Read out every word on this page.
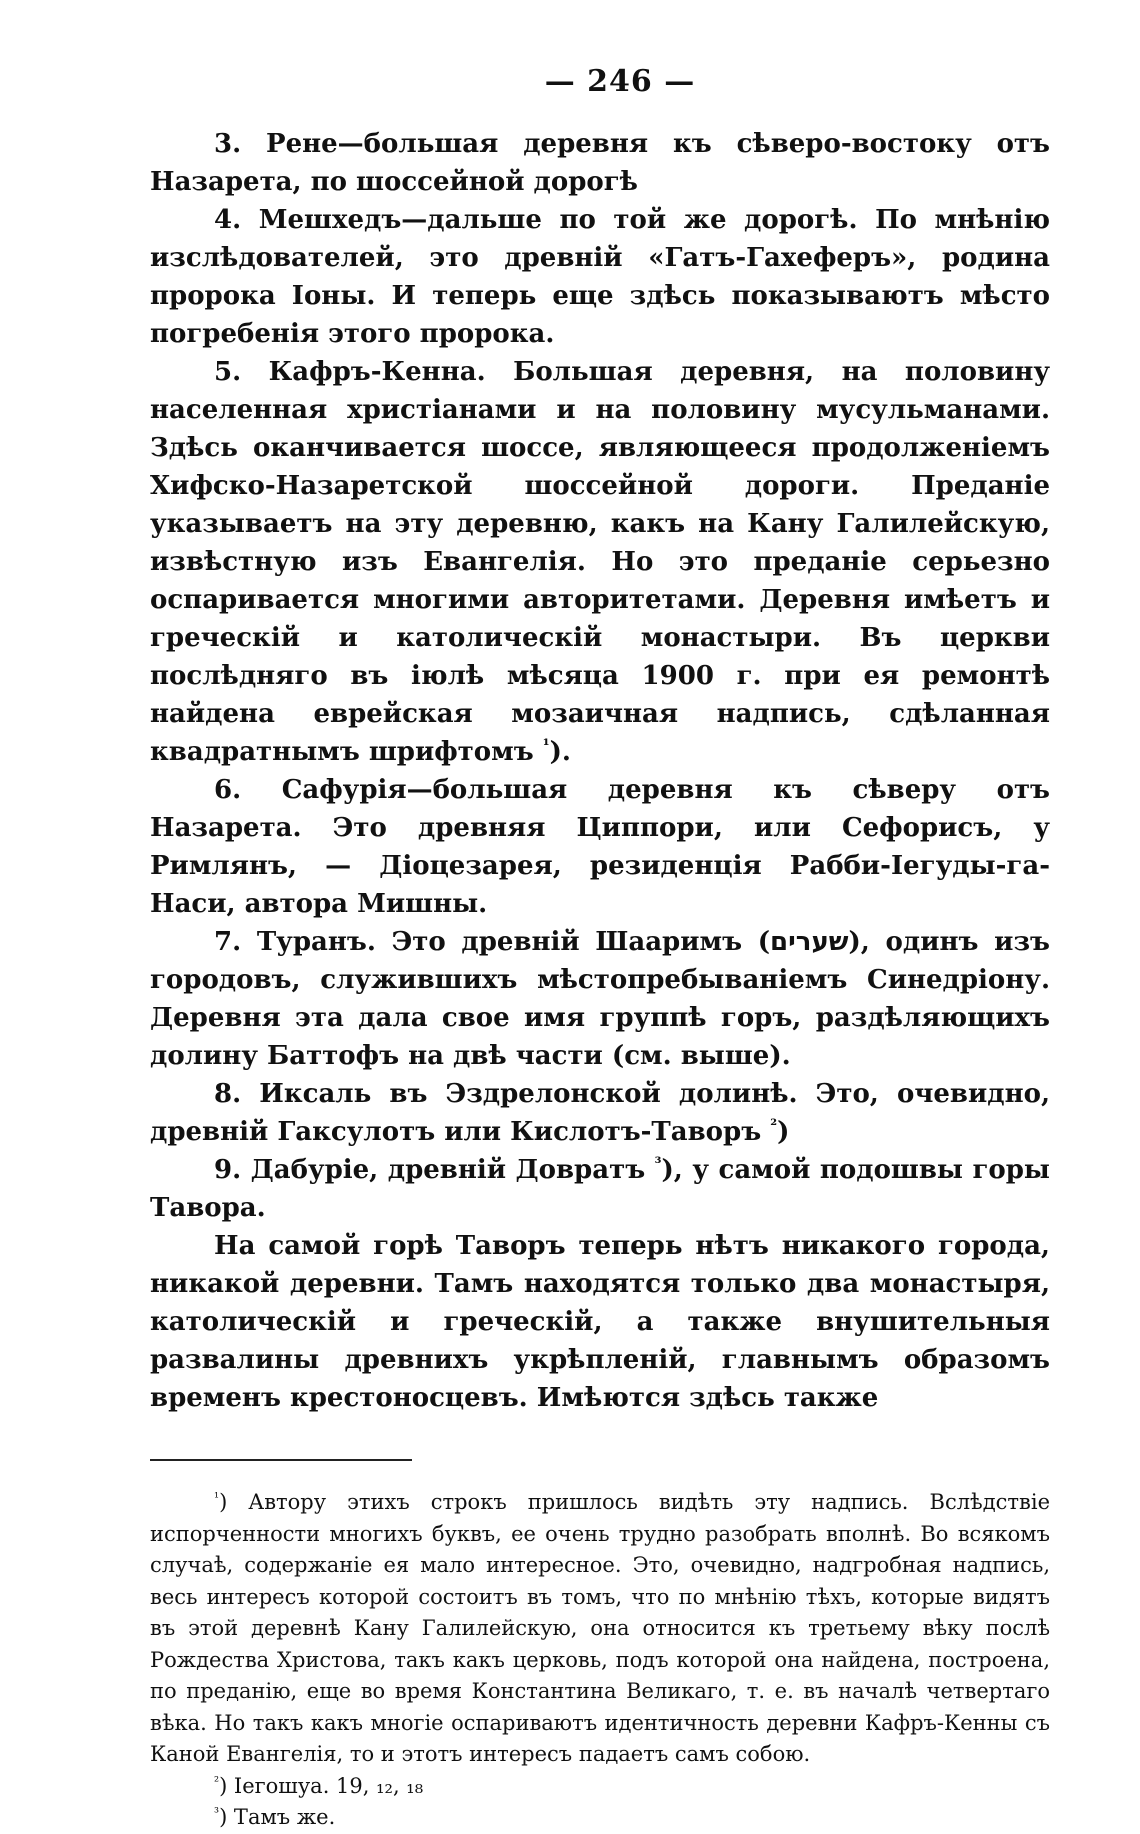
— 246 —

3. Рене—большая деревня къ сѣверо-востоку отъ Назарета, по шоссейной дорогѣ

4. Мешхедъ—дальше по той же дорогѣ. По мнѣнію изслѣдователей, это древній «Гатъ-Гахеферъ», родина пророка Іоны. И теперь еще здѣсь показываютъ мѣсто погребенія этого пророка.

5. Кафръ-Кенна. Большая деревня, на половину населенная христіанами и на половину мусульманами. Здѣсь оканчивается шоссе, являющееся продолженіемъ Хифско-Назаретской шоссейной дороги. Преданіе указываетъ на эту деревню, какъ на Кану Галилейскую, извѣстную изъ Евангелія. Но это преданіе серьезно оспаривается многими авторитетами. Деревня имѣетъ и греческій и католическій монастыри. Въ церкви послѣдняго въ іюлѣ мѣсяца 1900 г. при ея ремонтѣ найдена еврейская мозаичная надпись, сдѣланная квадратнымъ шрифтомъ $^{^1}$).

6. Сафурія—большая деревня къ сѣверу отъ Назарета. Это древняя Циппори, или Сефорисъ, у Римлянъ, — Діоцезарея, резиденція Рабби-Іегуды-га-Наси, автора Мишны.

7. Туранъ. Это древній Шааримъ (שערים), одинъ изъ городовъ, служившихъ мѣстопребываніемъ Синедріону. Деревня эта дала свое имя группѣ горъ, раздѣляющихъ долину Баттофъ на двѣ части (см. выше).

8. Иксаль въ Эздрелонской долинѣ. Это, очевидно, древній Гаксулотъ или Кислотъ-Таворъ $^{^2}$)

9. Дабуріе, древній Довратъ $^{^3}$), у самой подошвы горы Тавора.

На самой горѣ Таворъ теперь нѣтъ никакого города, никакой деревни. Тамъ находятся только два монастыря, католическій и греческій, а также внушительныя развалины древнихъ укрѣпленій, главнымъ образомъ временъ крестоносцевъ. Имѣются здѣсь также

$^{^1}$) Автору этихъ строкъ пришлось видѣть эту надпись. Вслѣдствіе испорченности многихъ буквъ, ее очень трудно разобрать вполнѣ. Во всякомъ случаѣ, содержаніе ея мало интересное. Это, очевидно, надгробная надпись, весь интересъ которой состоитъ въ томъ, что по мнѣнію тѣхъ, которые видятъ въ этой деревнѣ Кану Галилейскую, она относится къ третьему вѣку послѣ Рождества Христова, такъ какъ церковь, подъ которой она найдена, построена, по преданію, еще во время Константина Великаго, т. е. въ началѣ четвертаго вѣка. Но такъ какъ многіе оспариваютъ идентичность деревни Кафръ-Кенны съ Каной Евангелія, то и этотъ интересъ падаетъ самъ собою.

$^{^2}$) Іегошуа. 19, ₁₂, ₁₈

$^{^3}$) Тамъ же.
